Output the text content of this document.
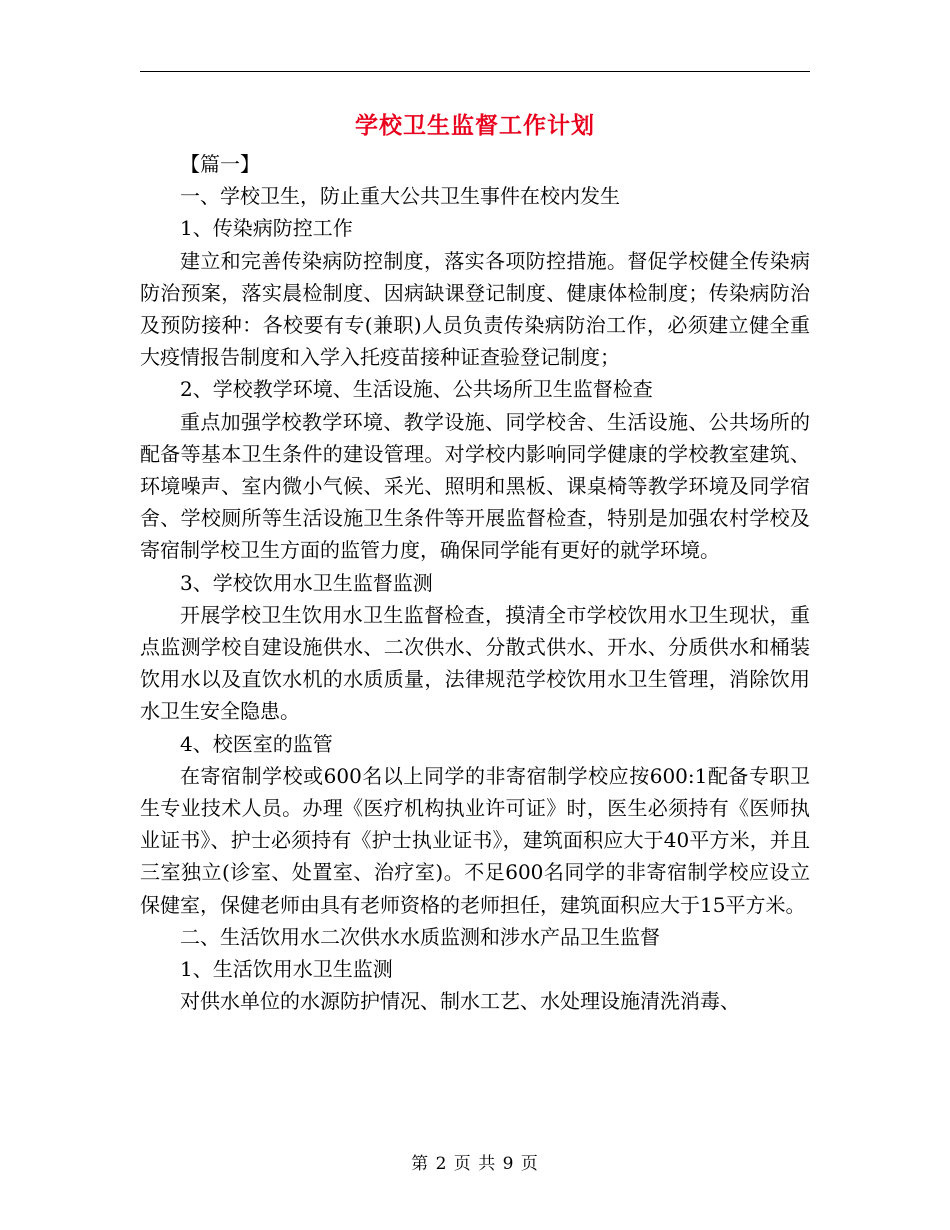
学校卫生监督工作计划

【篇一】

一、学校卫生，防止重大公共卫生事件在校内发生

1、传染病防控工作

建立和完善传染病防控制度，落实各项防控措施。督促学校健全传染病防治预案，落实晨检制度、因病缺课登记制度、健康体检制度；传染病防治及预防接种：各校要有专(兼职)人员负责传染病防治工作，必须建立健全重大疫情报告制度和入学入托疫苗接种证查验登记制度；

2、学校教学环境、生活设施、公共场所卫生监督检查

重点加强学校教学环境、教学设施、同学校舍、生活设施、公共场所的配备等基本卫生条件的建设管理。对学校内影响同学健康的学校教室建筑、环境噪声、室内微小气候、采光、照明和黑板、课桌椅等教学环境及同学宿舍、学校厕所等生活设施卫生条件等开展监督检查，特别是加强农村学校及寄宿制学校卫生方面的监管力度，确保同学能有更好的就学环境。

3、学校饮用水卫生监督监测

开展学校卫生饮用水卫生监督检查，摸清全市学校饮用水卫生现状，重点监测学校自建设施供水、二次供水、分散式供水、开水、分质供水和桶装饮用水以及直饮水机的水质质量，法律规范学校饮用水卫生管理，消除饮用水卫生安全隐患。

4、校医室的监管

在寄宿制学校或600名以上同学的非寄宿制学校应按600:1配备专职卫生专业技术人员。办理《医疗机构执业许可证》时，医生必须持有《医师执业证书》、护士必须持有《护士执业证书》，建筑面积应大于40平方米，并且三室独立(诊室、处置室、治疗室)。不足600名同学的非寄宿制学校应设立保健室，保健老师由具有老师资格的老师担任，建筑面积应大于15平方米。

二、生活饮用水二次供水水质监测和涉水产品卫生监督

1、生活饮用水卫生监测

对供水单位的水源防护情况、制水工艺、水处理设施清洗消毒、

第 2 页 共 9 页
